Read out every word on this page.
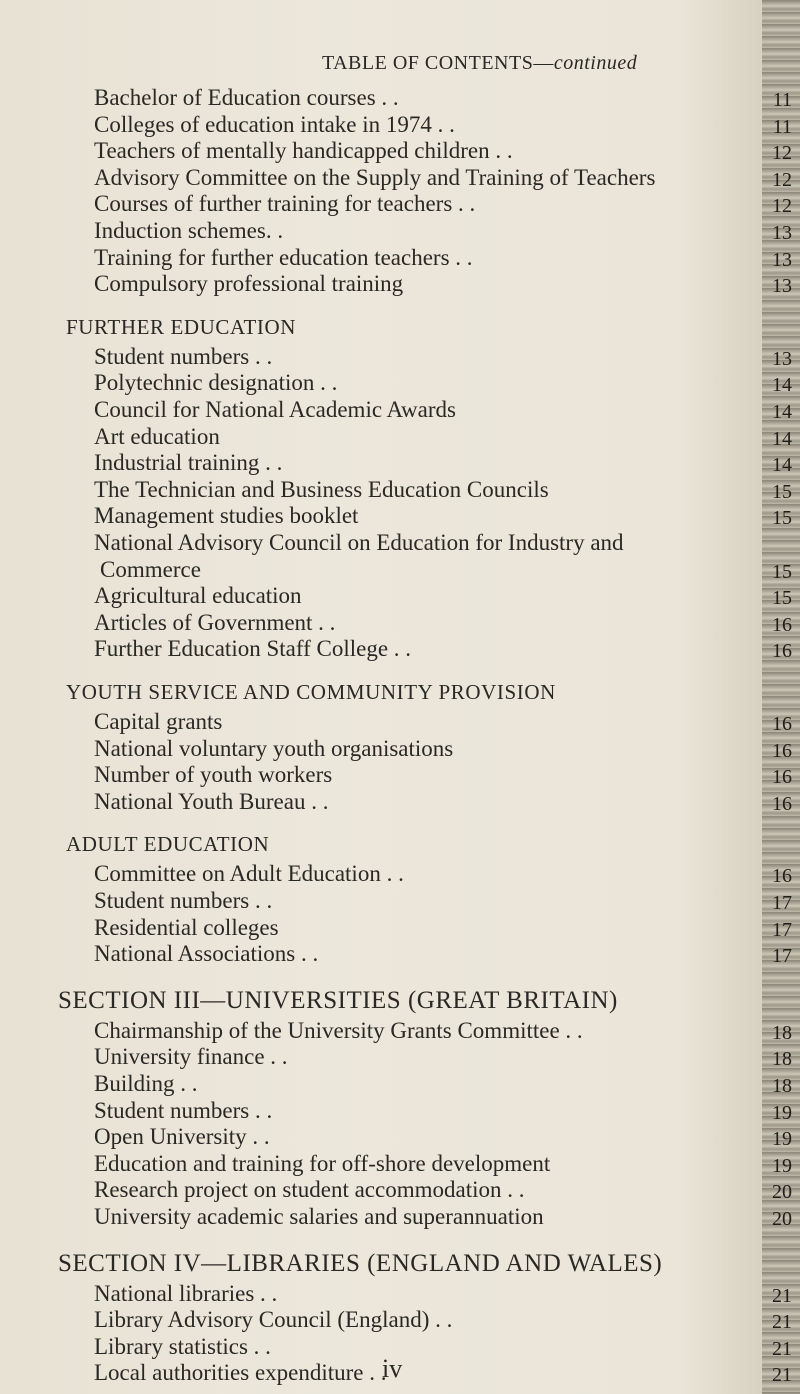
TABLE OF CONTENTS—continued
Bachelor of Education courses . .	11
Colleges of education intake in 1974 . .	11
Teachers of mentally handicapped children . .	12
Advisory Committee on the Supply and Training of Teachers	12
Courses of further training for teachers . .	12
Induction schemes. .	13
Training for further education teachers . .	13
Compulsory professional training	13
FURTHER EDUCATION
Student numbers . .	13
Polytechnic designation . .	14
Council for National Academic Awards	14
Art education	14
Industrial training . .	14
The Technician and Business Education Councils	15
Management studies booklet	15
National Advisory Council on Education for Industry and
Commerce	15
Agricultural education	15
Articles of Government . .	16
Further Education Staff College . .	16
YOUTH SERVICE AND COMMUNITY PROVISION
Capital grants	16
National voluntary youth organisations	16
Number of youth workers	16
National Youth Bureau . .	16
ADULT EDUCATION
Committee on Adult Education . .	16
Student numbers . .	17
Residential colleges	17
National Associations . .	17
SECTION III—UNIVERSITIES (GREAT BRITAIN)
Chairmanship of the University Grants Committee . .	18
University finance . .	18
Building . .	18
Student numbers . .	19
Open University . .	19
Education and training for off-shore development	19
Research project on student accommodation . .	20
University academic salaries and superannuation	20
SECTION IV—LIBRARIES (ENGLAND AND WALES)
National libraries . .	21
Library Advisory Council (England) . .	21
Library statistics . .	21
Local authorities expenditure . .	21
iv
